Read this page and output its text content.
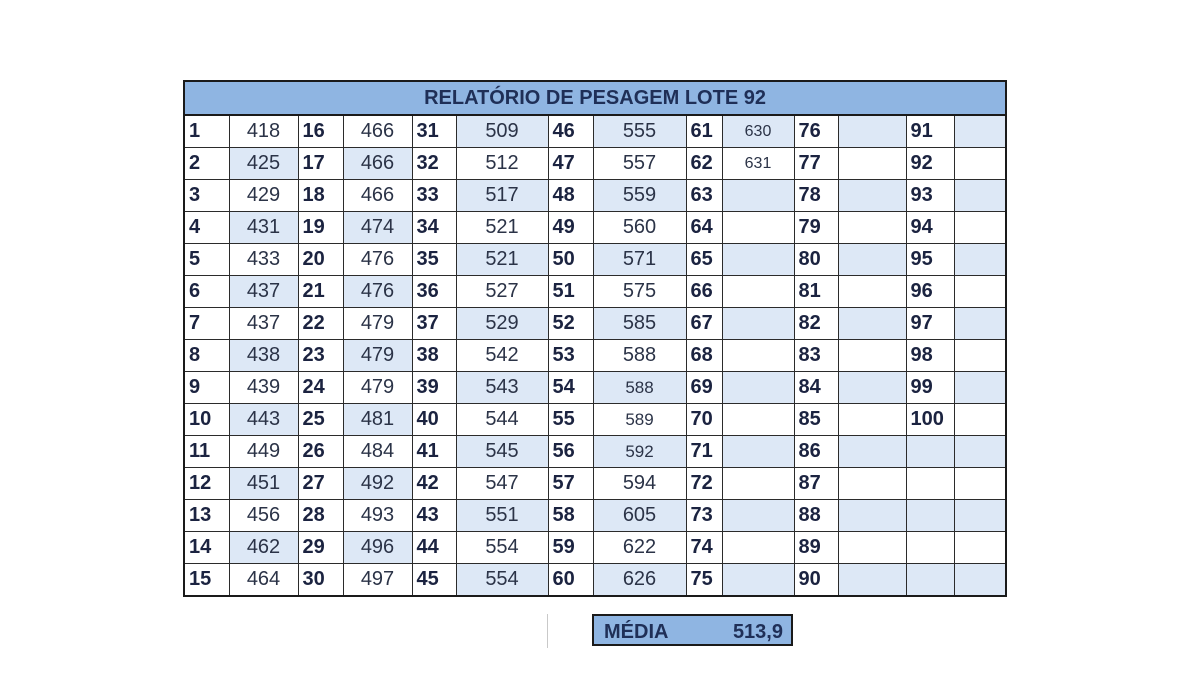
RELATÓRIO DE PESAGEM LOTE 92													
1	418	16	466	31	509	46	555	61	630	76		91	
2	425	17	466	32	512	47	557	62	631	77		92	
3	429	18	466	33	517	48	559	63		78		93	
4	431	19	474	34	521	49	560	64		79		94	
5	433	20	476	35	521	50	571	65		80		95	
6	437	21	476	36	527	51	575	66		81		96	
7	437	22	479	37	529	52	585	67		82		97	
8	438	23	479	38	542	53	588	68		83		98	
9	439	24	479	39	543	54	588	69		84		99	
10	443	25	481	40	544	55	589	70		85		100	
11	449	26	484	41	545	56	592	71		86			
12	451	27	492	42	547	57	594	72		87			
13	456	28	493	43	551	58	605	73		88			
14	462	29	496	44	554	59	622	74		89			
15	464	30	497	45	554	60	626	75		90			
MÉDIA	513,9
